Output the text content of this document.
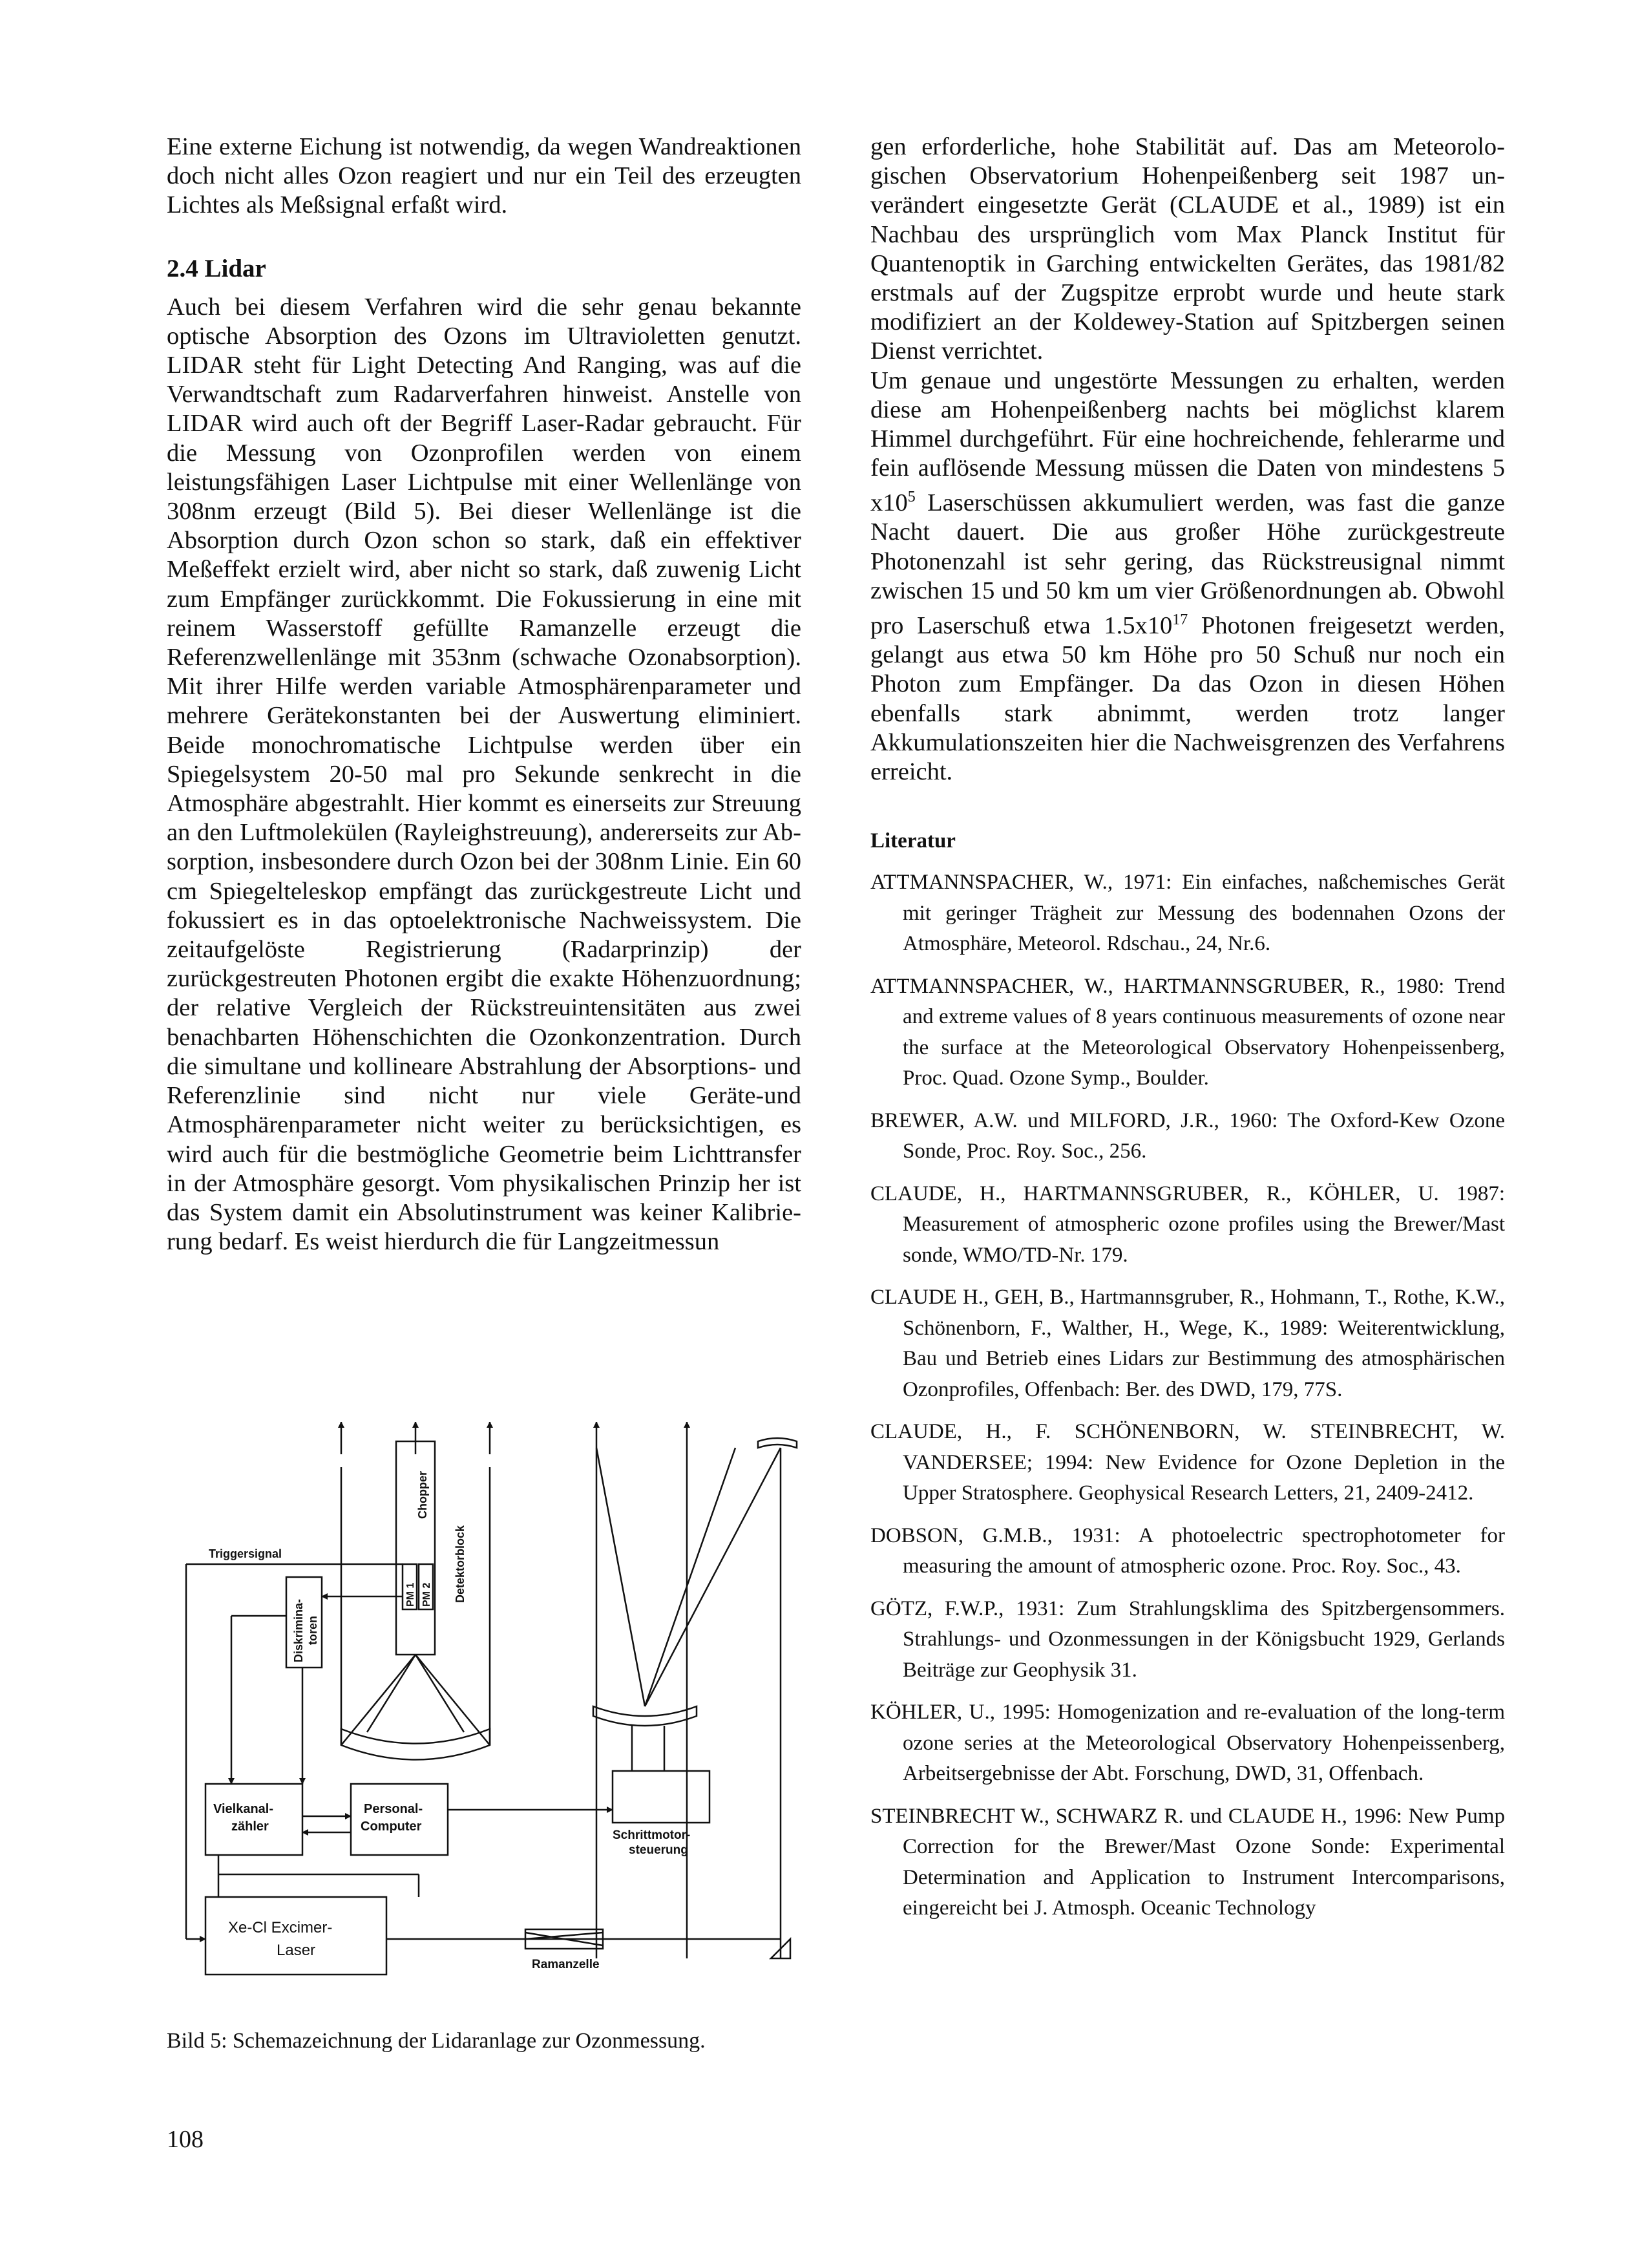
Eine externe Eichung ist notwendig, da wegen Wandreaktionen doch nicht alles Ozon reagiert und nur ein Teil des erzeugten Lichtes als Meßsignal erfaßt wird.

2.4 Lidar

Auch bei diesem Verfahren wird die sehr genau bekannte optische Absorption des Ozons im Ultravioletten genutzt. LIDAR steht für Light Detecting And Ranging, was auf die Verwandtschaft zum Radarverfahren hinweist. Anstelle von LIDAR wird auch oft der Begriff Laser-Radar gebraucht. Für die Messung von Ozonprofilen werden von einem leistungsfähigen Laser Lichtpulse mit einer Wellenlänge von 308nm erzeugt (Bild 5). Bei dieser Wellenlänge ist die Absorption durch Ozon schon so stark, daß ein effektiver Meßeffekt erzielt wird, aber nicht so stark, daß zuwenig Licht zum Empfänger zurückkommt. Die Fokussierung in eine mit reinem Wasserstoff gefüllte Ramanzelle erzeugt die Referenzwellenlänge mit 353nm (schwache Ozonabsorption). Mit ihrer Hilfe werden variable Atmosphärenparameter und mehrere Gerätekonstanten bei der Auswertung eliminiert. Beide monochromatische Lichtpulse werden über ein Spiegelsystem 20-50 mal pro Sekunde senkrecht in die Atmosphäre abgestrahlt. Hier kommt es einerseits zur Streuung an den Luftmolekülen (Rayleighstreuung), andererseits zur Absorption, insbesondere durch Ozon bei der 308nm Linie. Ein 60 cm Spiegelteleskop empfängt das zurückgestreute Licht und fokussiert es in das optoelektronische Nachweissystem. Die zeitaufgelöste Registrierung (Radarprinzip) der zurückgestreuten Photonen ergibt die exakte Höhenzuordnung; der relative Vergleich der Rückstreuintensitäten aus zwei benachbarten Höhenschichten die Ozonkonzentration. Durch die simultane und kollineare Abstrahlung der Absorptions- und Referenzlinie sind nicht nur viele Geräte-und Atmosphärenparameter nicht weiter zu berücksichtigen, es wird auch für die bestmögliche Geometrie beim Lichttransfer in der Atmosphäre gesorgt. Vom physikalischen Prinzip her ist das System damit ein Absolutinstrument was keiner Kalibrierung bedarf. Es weist hierdurch die für Langzeitmessun

gen erforderliche, hohe Stabilität auf. Das am Meteorologischen Observatorium Hohenpeißenberg seit 1987 unverändert eingesetzte Gerät (CLAUDE et al., 1989) ist ein Nachbau des ursprünglich vom Max Planck Institut für Quantenoptik in Garching entwickelten Gerätes, das 1981/82 erstmals auf der Zugspitze erprobt wurde und heute stark modifiziert an der Koldewey-Station auf Spitzbergen seinen Dienst verrichtet.

Um genaue und ungestörte Messungen zu erhalten, werden diese am Hohenpeißenberg nachts bei möglichst klarem Himmel durchgeführt. Für eine hochreichende, fehlerarme und fein auflösende Messung müssen die Daten von mindestens 5 $x10^5$ Laserschüssen akkumuliert werden, was fast die ganze Nacht dauert. Die aus großer Höhe zurückgestreute Photonenzahl ist sehr gering, das Rückstreusignal nimmt zwischen 15 und 50 km um vier Größenordnungen ab. Obwohl pro Laserschuß etwa $1.5x10^{17}$ Photonen freigesetzt werden, gelangt aus etwa 50 km Höhe pro 50 Schuß nur noch ein Photon zum Empfänger. Da das Ozon in diesen Höhen ebenfalls stark abnimmt, werden trotz langer Akkumulationszeiten hier die Nachweisgrenzen des Verfahrens erreicht.

Literatur

ATTMANNSPACHER, W., 1971: Ein einfaches, naßchemisches Gerät mit geringer Trägheit zur Messung des bodennahen Ozons der Atmosphäre, Meteorol. Rdschau., 24, Nr.6.

ATTMANNSPACHER, W., HARTMANNSGRUBER, R., 1980: Trend and extreme values of 8 years continuous measurements of ozone near the surface at the Meteorological Observatory Hohenpeissenberg, Proc. Quad. Ozone Symp., Boulder.

BREWER, A.W. und MILFORD, J.R., 1960: The Oxford-Kew Ozone Sonde, Proc. Roy. Soc., 256.

CLAUDE, H., HARTMANNSGRUBER, R., KÖHLER, U. 1987: Measurement of atmospheric ozone profiles using the Brewer/Mast sonde, WMO/TD-Nr. 179.

CLAUDE H., GEH, B., Hartmannsgruber, R., Hohmann, T., Rothe, K.W., Schönenborn, F., Walther, H., Wege, K., 1989: Weiterentwicklung, Bau und Betrieb eines Lidars zur Bestimmung des atmosphärischen Ozonprofiles, Offenbach: Ber. des DWD, 179, 77S.

CLAUDE, H., F. SCHÖNENBORN, W. STEINBRECHT, W. VANDERSEE; 1994: New Evidence for Ozone Depletion in the Upper Stratosphere. Geophysical Research Letters, 21, 2409-2412.

DOBSON, G.M.B., 1931: A photoelectric spectrophotometer for measuring the amount of atmospheric ozone. Proc. Roy. Soc., 43.

GÖTZ, F.W.P., 1931: Zum Strahlungsklima des Spitzbergensommers. Strahlungs- und Ozonmessungen in der Königsbucht 1929, Gerlands Beiträge zur Geophysik 31.

KÖHLER, U., 1995: Homogenization and re-evaluation of the long-term ozone series at the Meteorological Observatory Hohenpeissenberg, Arbeitsergebnisse der Abt. Forschung, DWD, 31, Offenbach.

STEINBRECHT W., SCHWARZ R. und CLAUDE H., 1996: New Pump Correction for the Brewer/Mast Ozone Sonde: Experimental Determination and Application to Instrument Intercomparisons, eingereicht bei J. Atmosph. Oceanic Technology

Triggersignal
Chopper
Detektorblock
PM 1 PM 2
Diskrimina- toren
Vielkanal-
zähler
Personal-
Computer
Schrittmotor-
steuerung
Xe-Cl Excimer-
Laser
Ramanzelle

Bild 5: Schemazeichnung der Lidaranlage zur Ozonmessung.

108
